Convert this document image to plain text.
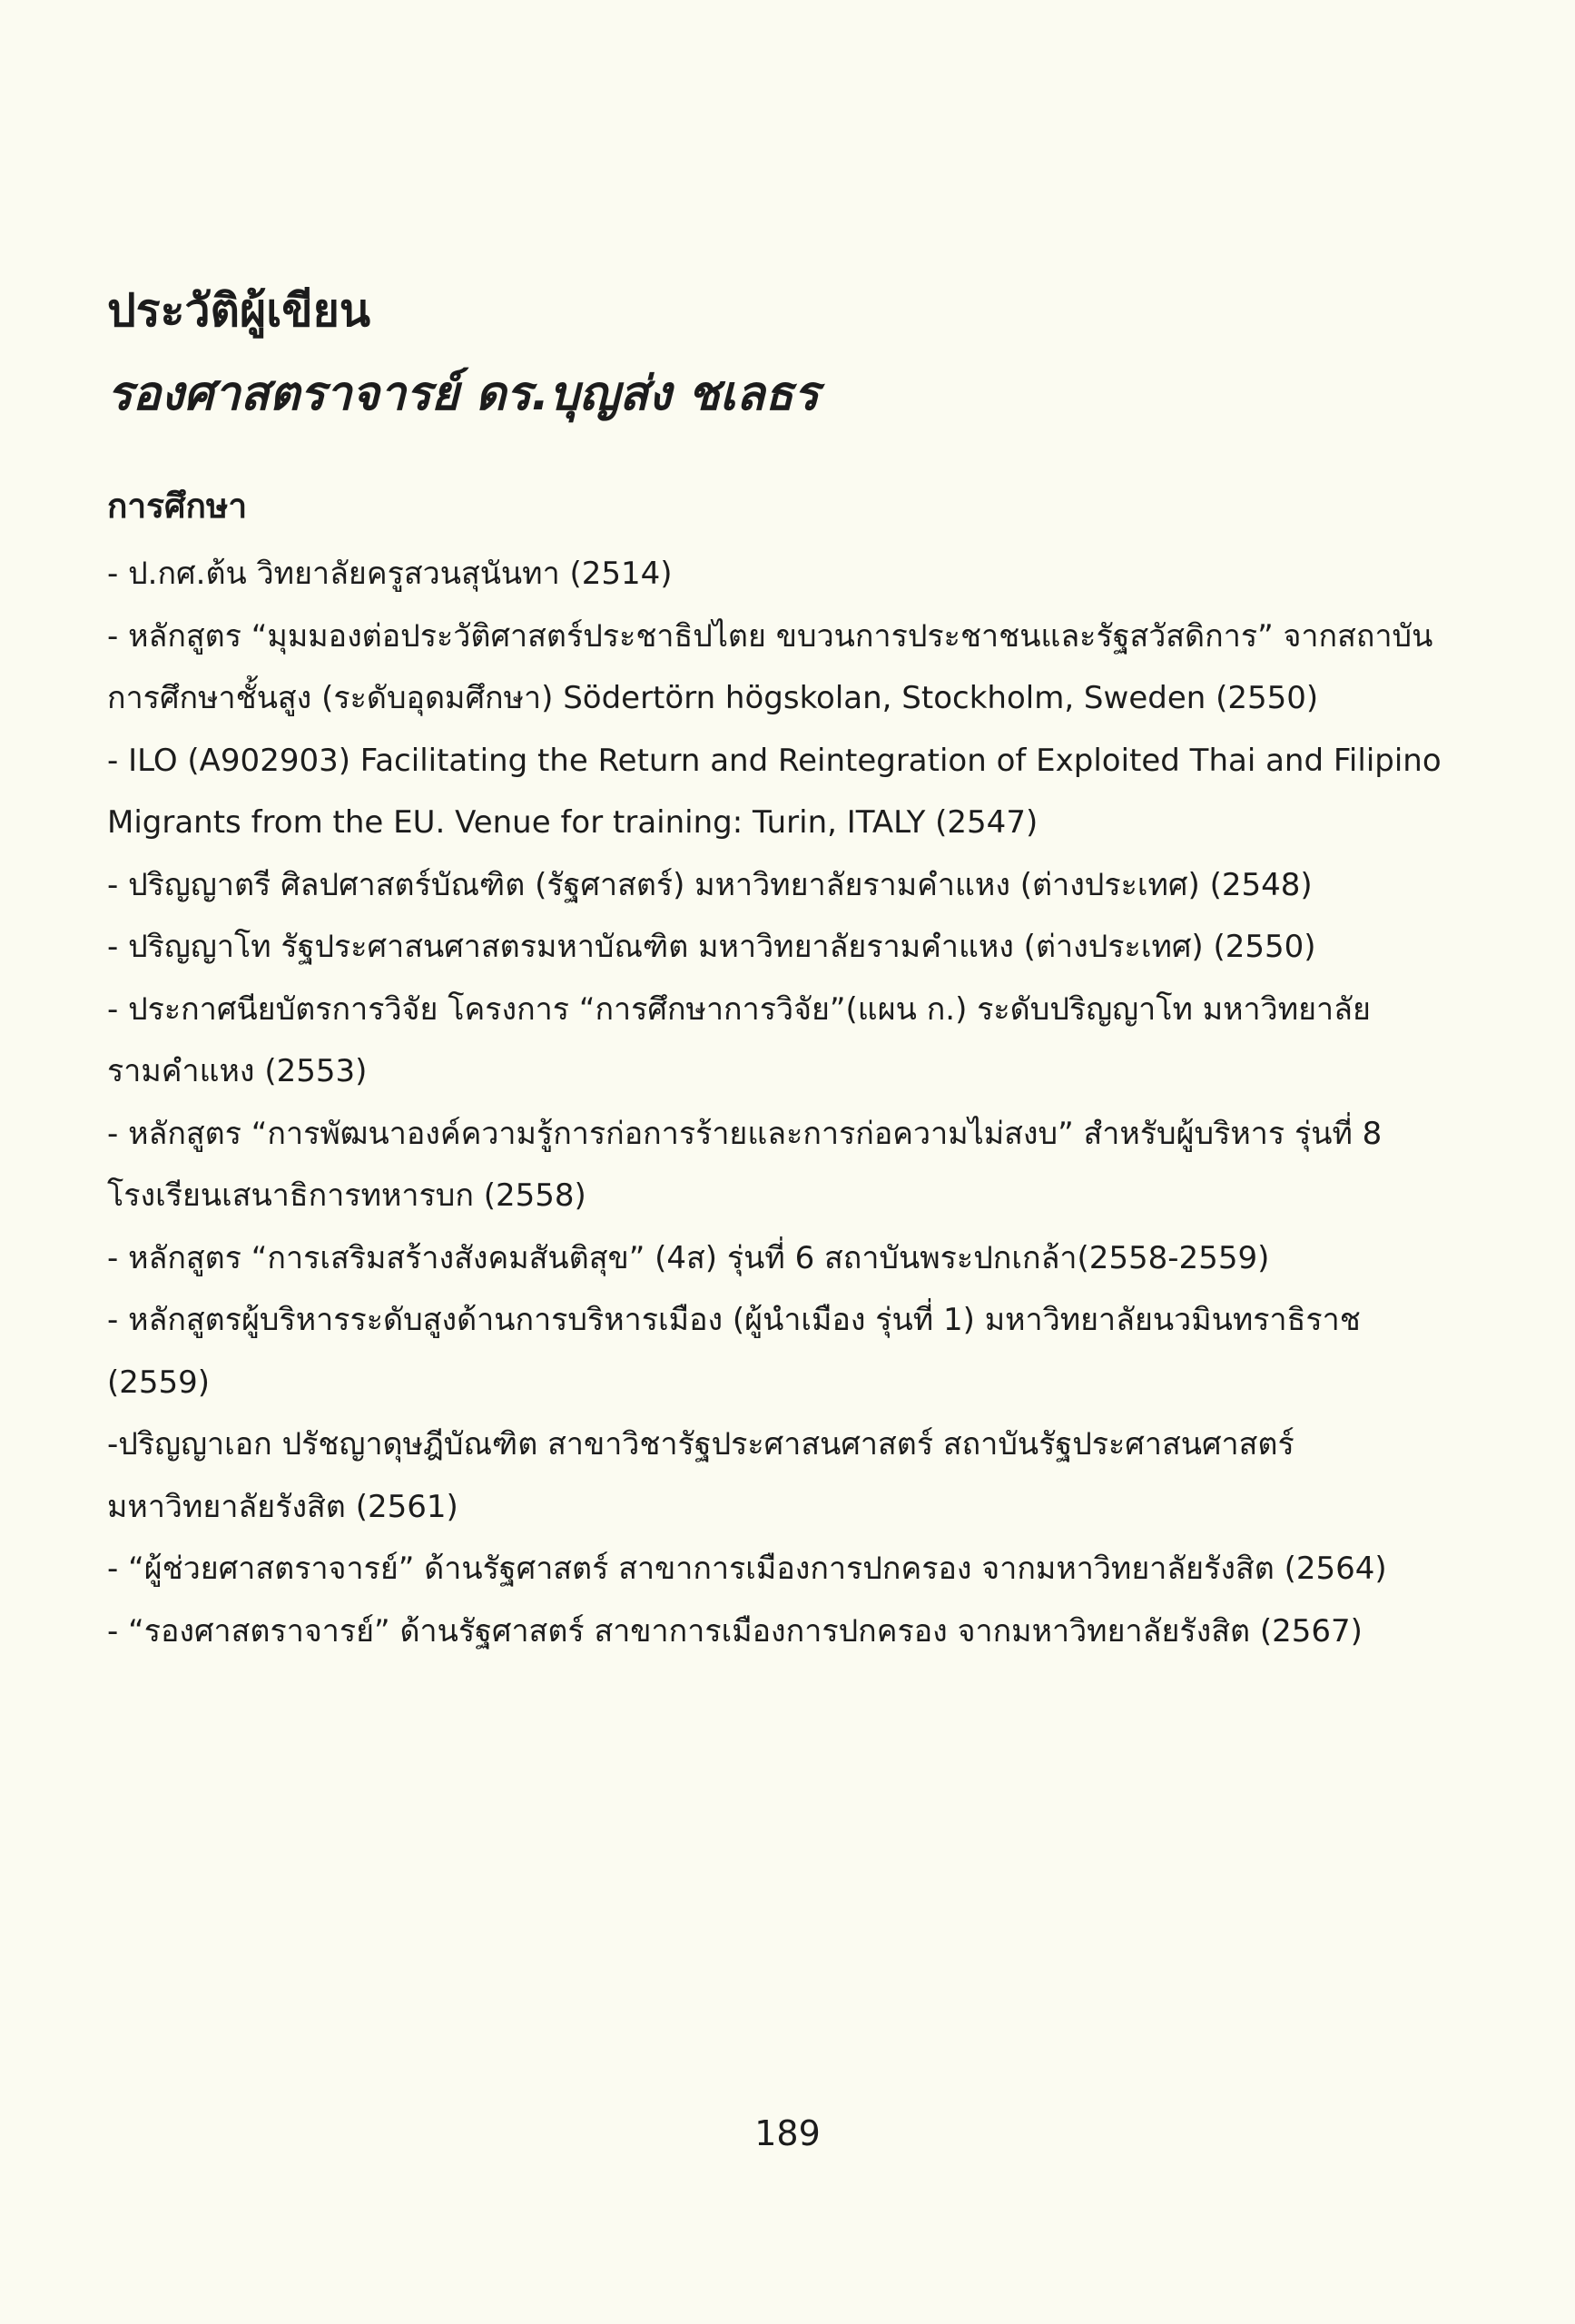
ประวัติผู้เขียน
รองศาสตราจารย์ ดร.บุญส่ง ชเลธร
การศึกษา
- ป.กศ.ต้น วิทยาลัยครูสวนสุนันทา (2514)
- หลักสูตร “มุมมองต่อประวัติศาสตร์ประชาธิปไตย ขบวนการประชาชนและรัฐสวัสดิการ” จากสถาบันการศึกษาชั้นสูง (ระดับอุดมศึกษา) Södertörn högskolan, Stockholm, Sweden (2550)
- ILO (A902903) Facilitating the Return and Reintegration of Exploited Thai and Filipino Migrants from the EU. Venue for training: Turin, ITALY (2547)
- ปริญญาตรี ศิลปศาสตร์บัณฑิต (รัฐศาสตร์) มหาวิทยาลัยรามคำแหง (ต่างประเทศ) (2548)
- ปริญญาโท รัฐประศาสนศาสตรมหาบัณฑิต มหาวิทยาลัยรามคำแหง (ต่างประเทศ) (2550)
- ประกาศนียบัตรการวิจัย โครงการ “การศึกษาการวิจัย”(แผน ก.) ระดับปริญญาโท มหาวิทยาลัยรามคำแหง (2553)
- หลักสูตร “การพัฒนาองค์ความรู้การก่อการร้ายและการก่อความไม่สงบ” สำหรับผู้บริหาร รุ่นที่ 8 โรงเรียนเสนาธิการทหารบก (2558)
- หลักสูตร “การเสริมสร้างสังคมสันติสุข” (4ส) รุ่นที่ 6 สถาบันพระปกเกล้า(2558-2559)
- หลักสูตรผู้บริหารระดับสูงด้านการบริหารเมือง (ผู้นำเมือง รุ่นที่ 1) มหาวิทยาลัยนวมินทราธิราช (2559)
-ปริญญาเอก ปรัชญาดุษฎีบัณฑิต สาขาวิชารัฐประศาสนศาสตร์ สถาบันรัฐประศาสนศาสตร์ มหาวิทยาลัยรังสิต (2561)
- “ผู้ช่วยศาสตราจารย์” ด้านรัฐศาสตร์ สาขาการเมืองการปกครอง จากมหาวิทยาลัยรังสิต (2564)
- “รองศาสตราจารย์” ด้านรัฐศาสตร์ สาขาการเมืองการปกครอง จากมหาวิทยาลัยรังสิต (2567)
189
